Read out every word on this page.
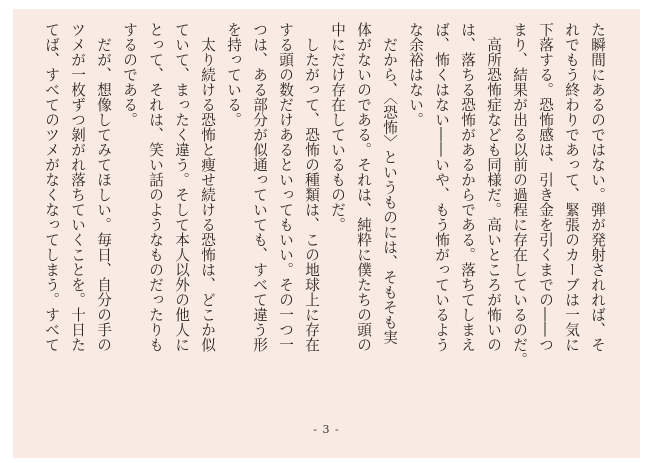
た瞬間にあるのではない。弾が発射されれば、そ
れでもう終わりであって、緊張のカーブは一気に
下落する。恐怖感は、引き金を引くまでの――つ
まり、結果が出る以前の過程に存在しているのだ。
　高所恐怖症なども同様だ。高いところが怖いの
は、落ちる恐怖があるからである。落ちてしまえ
ば、怖くはない――いや、もう怖がっているよう
な余裕はない。
　だから、〈恐怖〉というものには、そもそも実
体がないのである。それは、純粋に僕たちの頭の
中にだけ存在しているものだ。
　したがって、恐怖の種類は、この地球上に存在
する頭の数だけあるといってもいい。その一つ一
つは、ある部分が似通っていても、すべて違う形
を持っている。
　太り続ける恐怖と痩せ続ける恐怖は、どこか似
ていて、まったく違う。そして本人以外の他人に
とって、それは、笑い話のようなものだったりも
するのである。
　だが、想像してみてほしい。毎日、自分の手の
ツメが一枚ずつ剝がれ落ちていくことを。十日た
てば、すべてのツメがなくなってしまう。すべて
- 3 -
